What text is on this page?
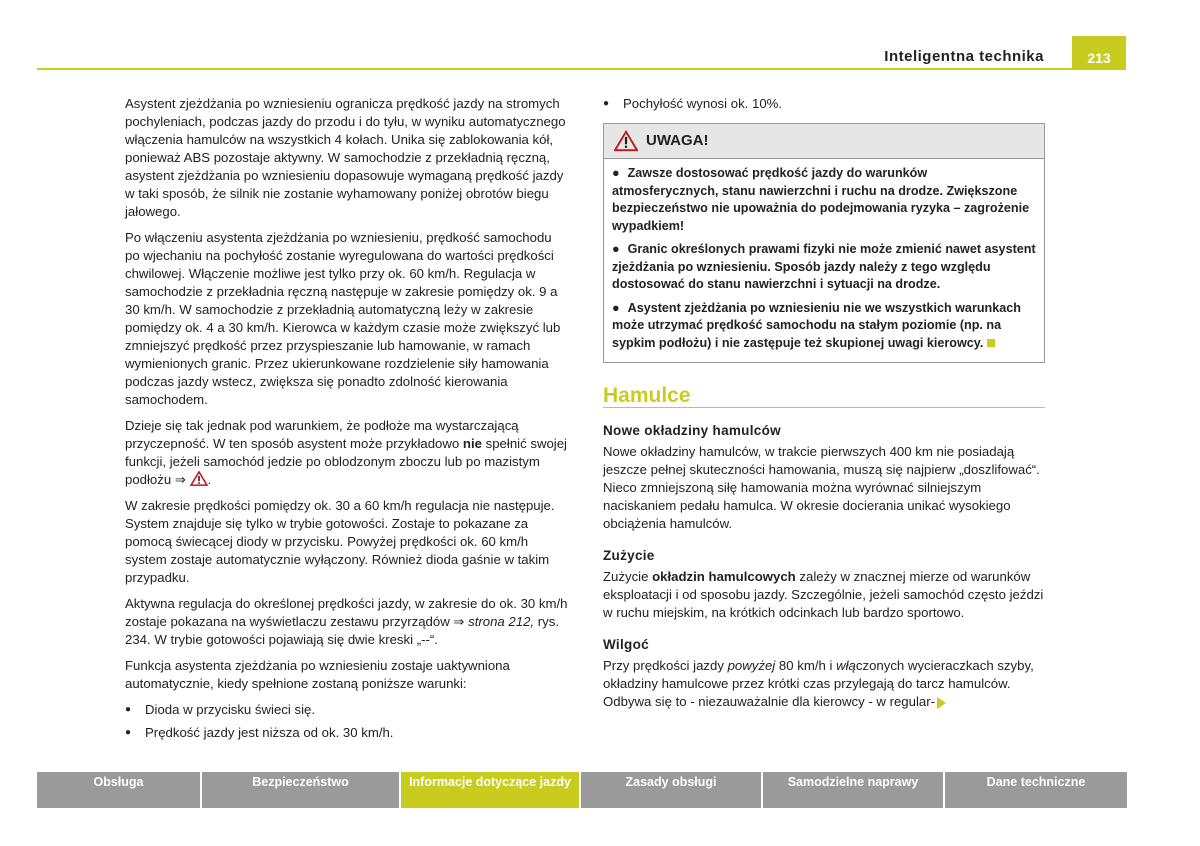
Inteligentna technika	213

Asystent zjeżdżania po wzniesieniu ogranicza prędkość jazdy na stromych pochyleniach, podczas jazdy do przodu i do tyłu, w wyniku automatycznego włączenia hamulców na wszystkich 4 kołach. Unika się zablokowania kół, ponieważ ABS pozostaje aktywny. W samochodzie z przekładnią ręczną, asystent zjeżdżania po wzniesieniu dopasowuje wymaganą prędkość jazdy w taki sposób, że silnik nie zostanie wyhamowany poniżej obrotów biegu jałowego.

Po włączeniu asystenta zjeżdżania po wzniesieniu, prędkość samochodu po wjechaniu na pochyłość zostanie wyregulowana do wartości prędkości chwilowej. Włączenie możliwe jest tylko przy ok. 60 km/h. Regulacja w samochodzie z przekładnia ręczną następuje w zakresie pomiędzy ok. 9 a 30 km/h. W samochodzie z przekładnią automatyczną leży w zakresie pomiędzy ok. 4 a 30 km/h. Kierowca w każdym czasie może zwiększyć lub zmniejszyć prędkość przez przyspieszanie lub hamowanie, w ramach wymienionych granic. Przez ukierunkowane rozdzielenie siły hamowania podczas jazdy wstecz, zwiększa się ponadto zdolność kierowania samochodem.

Dzieje się tak jednak pod warunkiem, że podłoże ma wystarczającą przyczepność. W ten sposób asystent może przykładowo nie spełnić swojej funkcji, jeżeli samochód jedzie po oblodzonym zboczu lub po mazistym podłożu ⇒ .

W zakresie prędkości pomiędzy ok. 30 a 60 km/h regulacja nie następuje. System znajduje się tylko w trybie gotowości. Zostaje to pokazane za pomocą świecącej diody w przycisku. Powyżej prędkości ok. 60 km/h system zostaje automatycznie wyłączony. Również dioda gaśnie w takim przypadku.

Aktywna regulacja do określonej prędkości jazdy, w zakresie do ok. 30 km/h zostaje pokazana na wyświetlaczu zestawu przyrządów ⇒ strona 212, rys. 234. W trybie gotowości pojawiają się dwie kreski „--“.

Funkcja asystenta zjeżdżania po wzniesieniu zostaje uaktywniona automatycznie, kiedy spełnione zostaną poniższe warunki:

● Dioda w przycisku świeci się.
● Prędkość jazdy jest niższa od ok. 30 km/h.
● Pochyłość wynosi ok. 10%.
UWAGA!
● Zawsze dostosować prędkość jazdy do warunków atmosferycznych, stanu nawierzchni i ruchu na drodze. Zwiększone bezpieczeństwo nie upoważnia do podejmowania ryzyka – zagrożenie wypadkiem!
● Granic określonych prawami fizyki nie może zmienić nawet asystent zjeżdżania po wzniesieniu. Sposób jazdy należy z tego względu dostosować do stanu nawierzchni i sytuacji na drodze.
● Asystent zjeżdżania po wzniesieniu nie we wszystkich warunkach może utrzymać prędkość samochodu na stałym poziomie (np. na sypkim podłożu) i nie zastępuje też skupionej uwagi kierowcy.
Hamulce
Nowe okładziny hamulców

Nowe okładziny hamulców, w trakcie pierwszych 400 km nie posiadają jeszcze pełnej skuteczności hamowania, muszą się najpierw „doszlifować“. Nieco zmniejszoną siłę hamowania można wyrównać silniejszym naciskaniem pedału hamulca. W okresie docierania unikać wysokiego obciążenia hamulców.

Zużycie

Zużycie okładzin hamulcowych zależy w znacznej mierze od warunków eksploatacji i od sposobu jazdy. Szczególnie, jeżeli samochód często jeździ w ruchu miejskim, na krótkich odcinkach lub bardzo sportowo.

Wilgoć

Przy prędkości jazdy powyżej 80 km/h i włączonych wycieraczkach szyby, okładziny hamulcowe przez krótki czas przylegają do tarcz hamulców. Odbywa się to - niezauważalnie dla kierowcy - w regular-

Obsługa	Bezpieczeństwo	Informacje dotyczące jazdy	Zasady obsługi	Samodzielne naprawy	Dane techniczne
